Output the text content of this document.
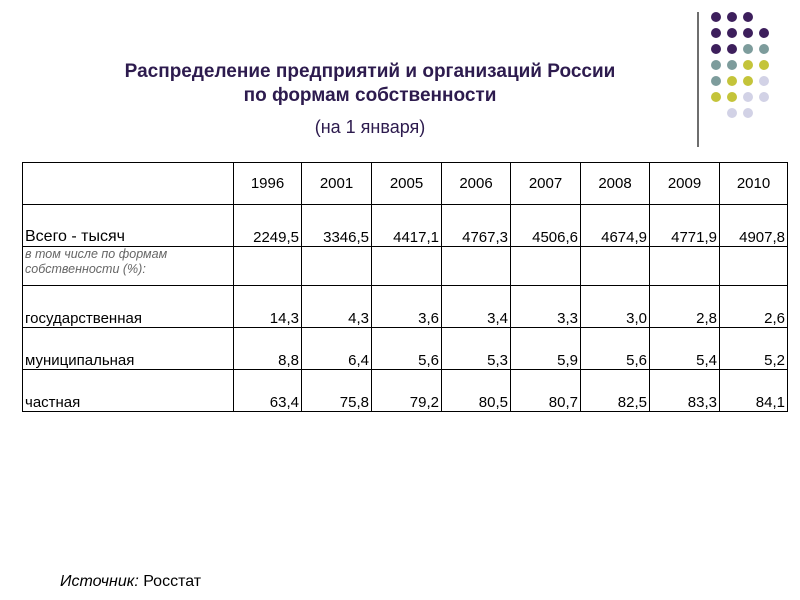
Распределение предприятий и организаций России
по формам собственности
(на 1 января)
	1996	2001	2005	2006	2007	2008	2009	2010
Всего - тысяч	2249,5	3346,5	4417,1	4767,3	4506,6	4674,9	4771,9	4907,8
в том числе по формам собственности (%):								
государственная	14,3	4,3	3,6	3,4	3,3	3,0	2,8	2,6
муниципальная	8,8	6,4	5,6	5,3	5,9	5,6	5,4	5,2
частная	63,4	75,8	79,2	80,5	80,7	82,5	83,3	84,1
Источник: Росстат
